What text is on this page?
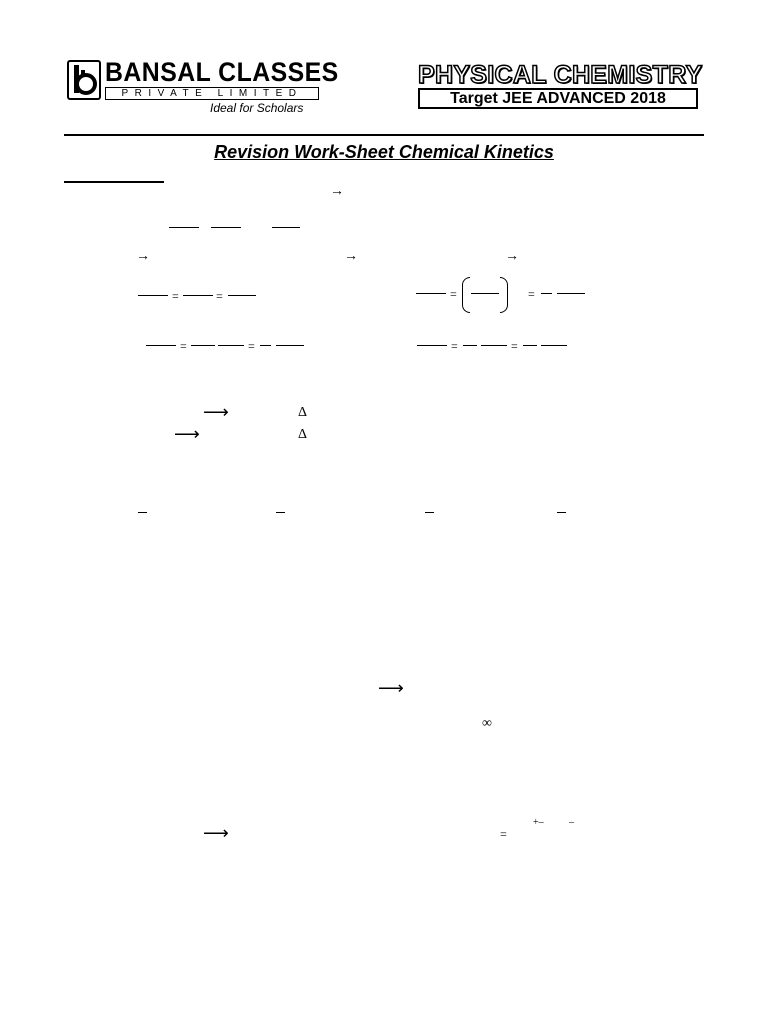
BANSAL CLASSES
PRIVATE LIMITED
Ideal for Scholars
PHYSICAL CHEMISTRY
Target JEE ADVANCED 2018
Revision Work-Sheet Chemical Kinetics
→
→	→	→
=	=	=	=
=	=	=	=
⟶	Δ
⟶	Δ
⟶
∞
⟶	=
+–	–
